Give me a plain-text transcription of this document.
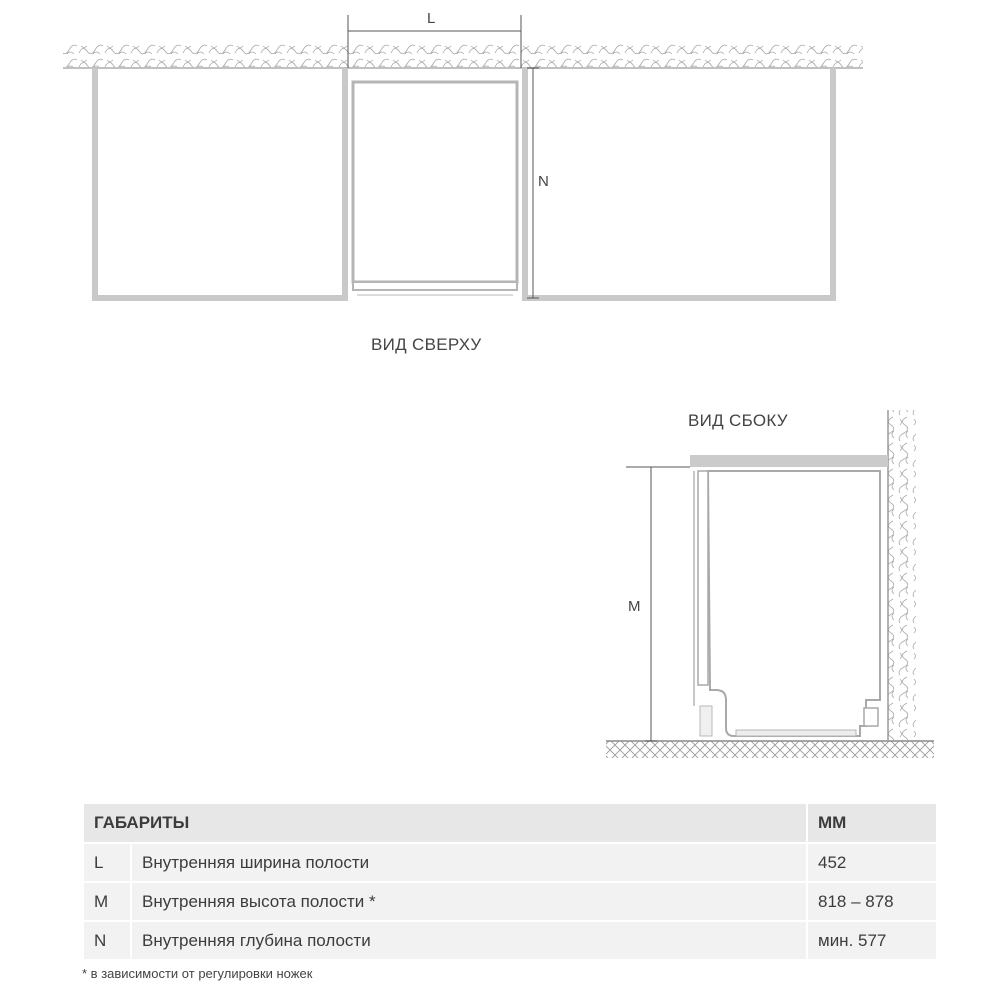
L
N
M
ВИД СВЕРХУ
ВИД СБОКУ
ГАБАРИТЫ		ММ
L	Внутренняя ширина полости	452
M	Внутренняя высота полости *	818 – 878
N	Внутренняя глубина полости	мин. 577
* в зависимости от регулировки ножек
